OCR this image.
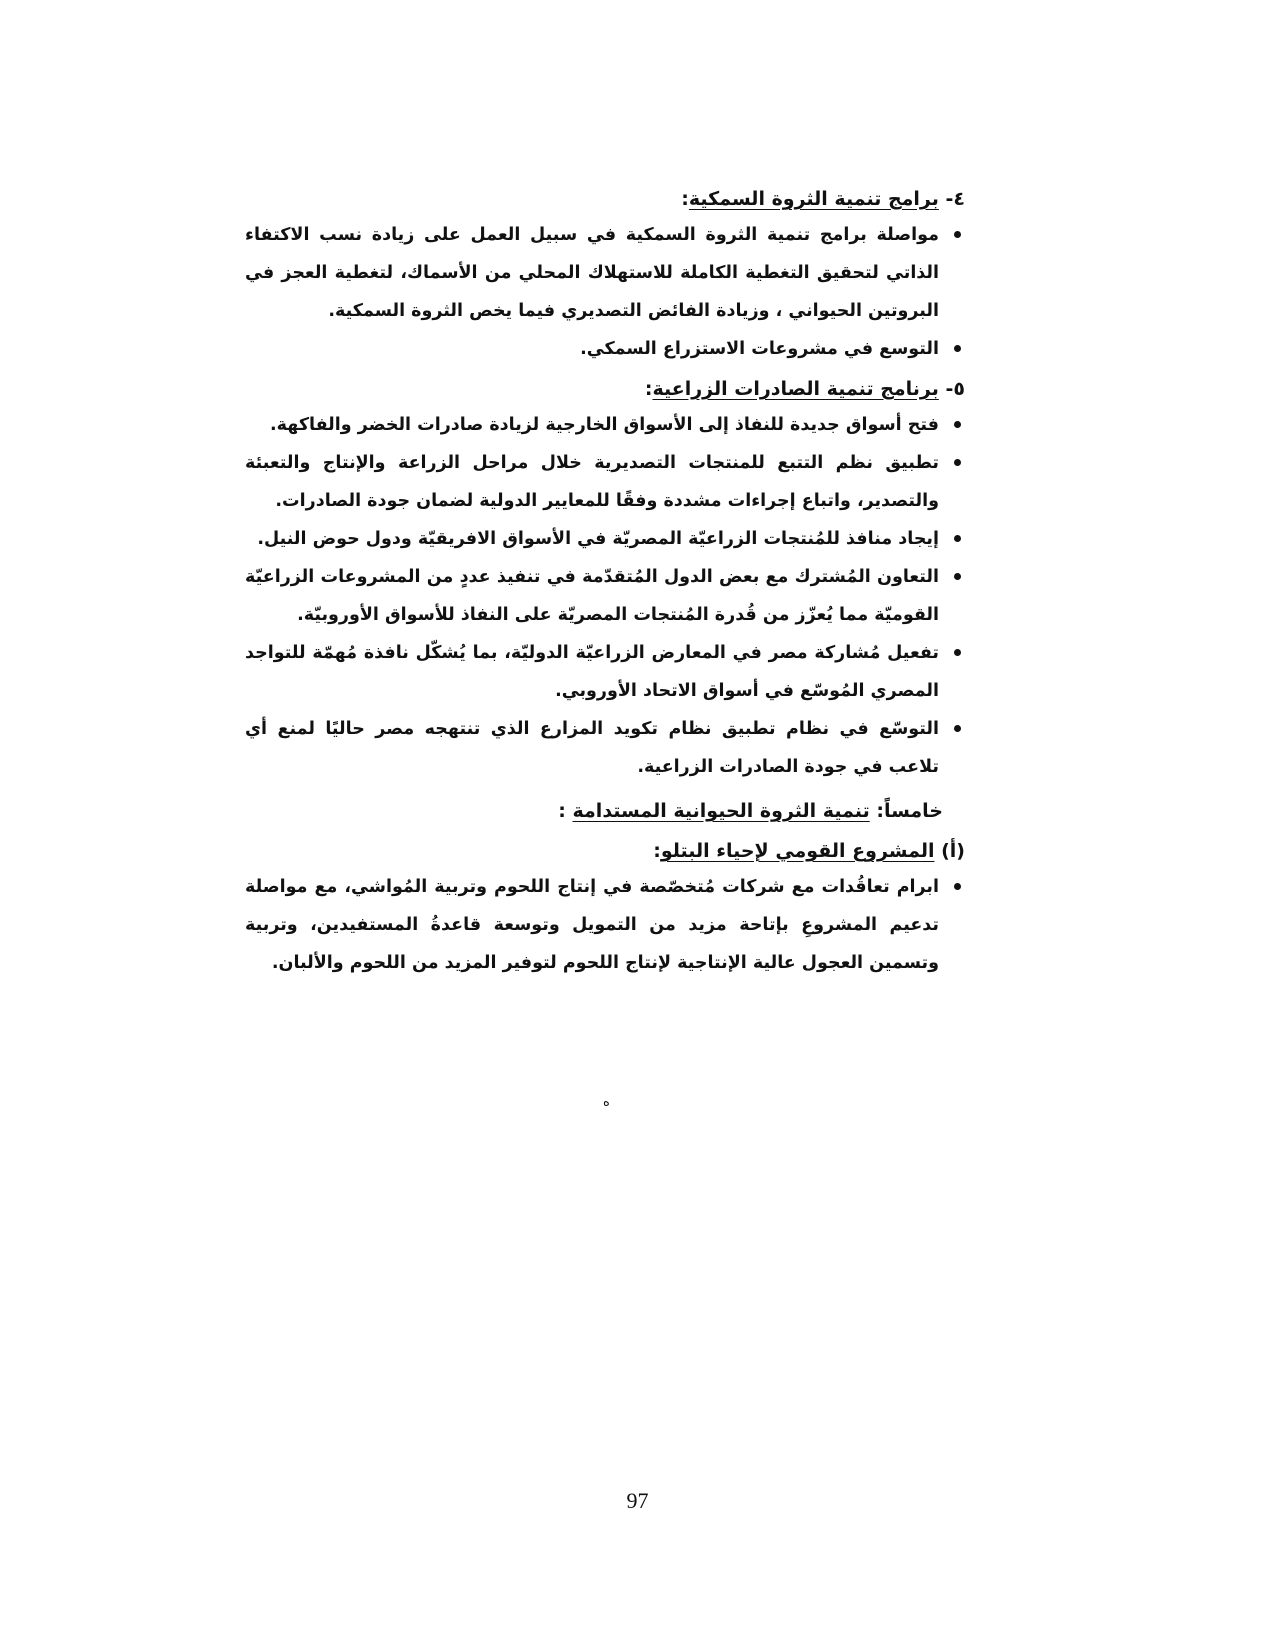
٤- برامج تنمية الثروة السمكية:

مواصلة برامج تنمية الثروة السمكية في سبيل العمل على زيادة نسب الاكتفاء الذاتي لتحقيق التغطية الكاملة للاستهلاك المحلي من الأسماك، لتغطية العجز في البروتين الحيواني ، وزيادة الفائض التصديري فيما يخص الثروة السمكية.
التوسع في مشروعات الاستزراع السمكي.

٥- برنامج تنمية الصادرات الزراعية:

فتح أسواق جديدة للنفاذ إلى الأسواق الخارجية لزيادة صادرات الخضر والفاكهة.
تطبيق نظم التتبع للمنتجات التصديرية خلال مراحل الزراعة والإنتاج والتعبئة والتصدير، واتباع إجراءات مشددة وفقًا للمعايير الدولية لضمان جودة الصادرات.
إيجاد منافذ للمُنتجات الزراعيّة المصريّة في الأسواق الافريقيّة ودول حوض النيل.
التعاون المُشترك مع بعض الدول المُتقدّمة في تنفيذ عددٍ من المشروعات الزراعيّة القوميّة مما يُعزّز من قُدرة المُنتجات المصريّة على النفاذ للأسواق الأوروبيّة.
تفعيل مُشاركة مصر في المعارض الزراعيّة الدوليّة، بما يُشكّل نافذة مُهمّة للتواجد المصري المُوسّع في أسواق الاتحاد الأوروبي.
التوسّع في نظام تطبيق نظام تكويد المزارع الذي تنتهجه مصر حاليًا لمنع أي تلاعب في جودة الصادرات الزراعية.

خامساً: تنمية الثروة الحيوانية المستدامة :

(أ) المشروع القومي لإحياء البتلو:

ابرام تعاقُدات مع شركات مُتخصّصة في إنتاج اللحوم وتربية المُواشي، مع مواصلة تدعيم المشروعِ بإتاحة مزيد من التمويل وتوسعة قاعدةُ المستفيدين، وتربية وتسمين العجول عالية الإنتاجية لإنتاج اللحوم لتوفير المزيد من اللحوم والألبان.
ه
97
